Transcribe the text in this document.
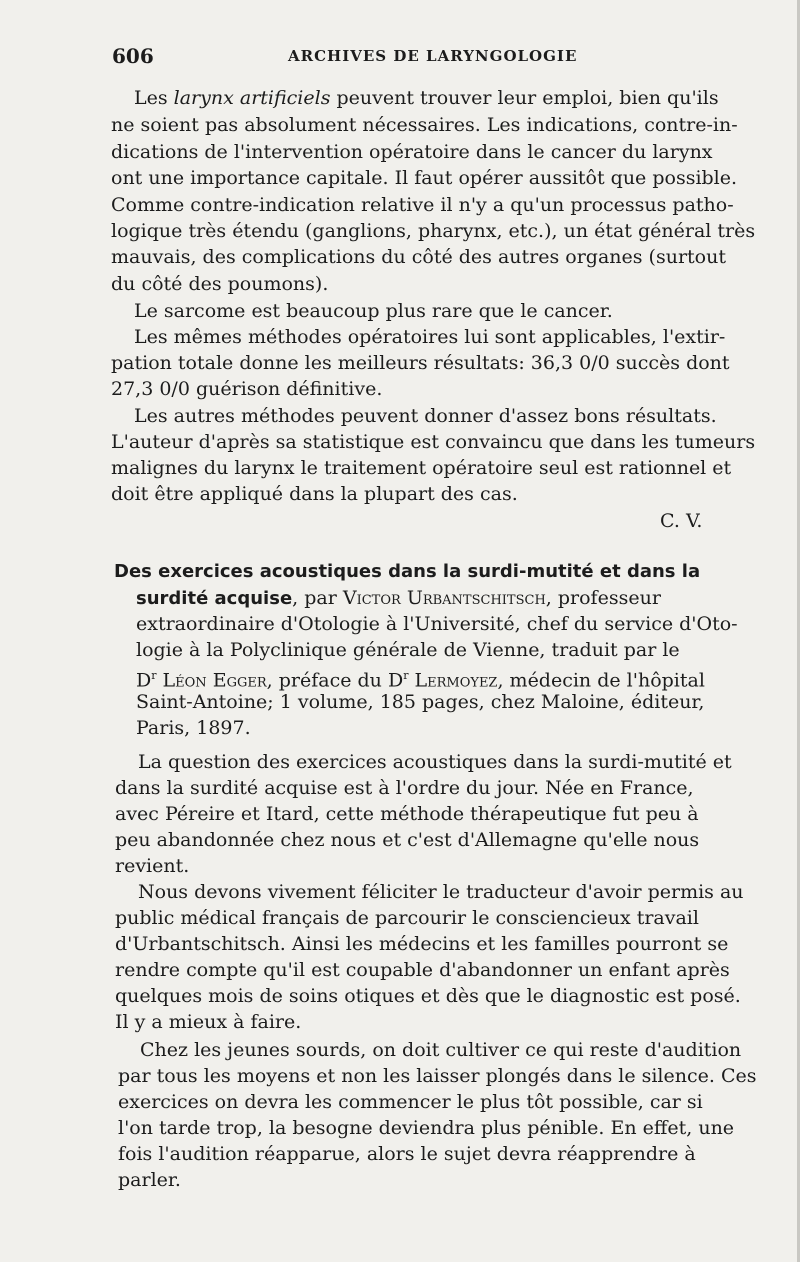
606	ARCHIVES DE LARYNGOLOGIE
Les larynx artificiels peuvent trouver leur emploi, bien qu'ils
ne soient pas absolument nécessaires. Les indications, contre-in-
dications de l'intervention opératoire dans le cancer du larynx
ont une importance capitale. Il faut opérer aussitôt que possible.
Comme contre-indication relative il n'y a qu'un processus patho-
logique très étendu (ganglions, pharynx, etc.), un état général très
mauvais, des complications du côté des autres organes (surtout
du côté des poumons).
Le sarcome est beaucoup plus rare que le cancer.
Les mêmes méthodes opératoires lui sont applicables, l'extir-
pation totale donne les meilleurs résultats: 36,3 0/0 succès dont
27,3 0/0 guérison définitive.
Les autres méthodes peuvent donner d'assez bons résultats.
L'auteur d'après sa statistique est convaincu que dans les tumeurs
malignes du larynx le traitement opératoire seul est rationnel et
doit être appliqué dans la plupart des cas.
C. V.
Des exercices acoustiques dans la surdi-mutité et dans la
surdité acquise, par Victor Urbantschitsch, professeur
extraordinaire d'Otologie à l'Université, chef du service d'Oto-
logie à la Polyclinique générale de Vienne, traduit par le
$D^r$ Léon Egger, préface du $D^r$ Lermoyez, médecin de l'hôpital
Saint-Antoine; 1 volume, 185 pages, chez Maloine, éditeur,
Paris, 1897.
La question des exercices acoustiques dans la surdi-mutité et
dans la surdité acquise est à l'ordre du jour. Née en France,
avec Péreire et Itard, cette méthode thérapeutique fut peu à
peu abandonnée chez nous et c'est d'Allemagne qu'elle nous
revient.
Nous devons vivement féliciter le traducteur d'avoir permis au
public médical français de parcourir le consciencieux travail
d'Urbantschitsch. Ainsi les médecins et les familles pourront se
rendre compte qu'il est coupable d'abandonner un enfant après
quelques mois de soins otiques et dès que le diagnostic est posé.
Il y a mieux à faire.
Chez les jeunes sourds, on doit cultiver ce qui reste d'audition
par tous les moyens et non les laisser plongés dans le silence. Ces
exercices on devra les commencer le plus tôt possible, car si
l'on tarde trop, la besogne deviendra plus pénible. En effet, une
fois l'audition réapparue, alors le sujet devra réapprendre à
parler.
